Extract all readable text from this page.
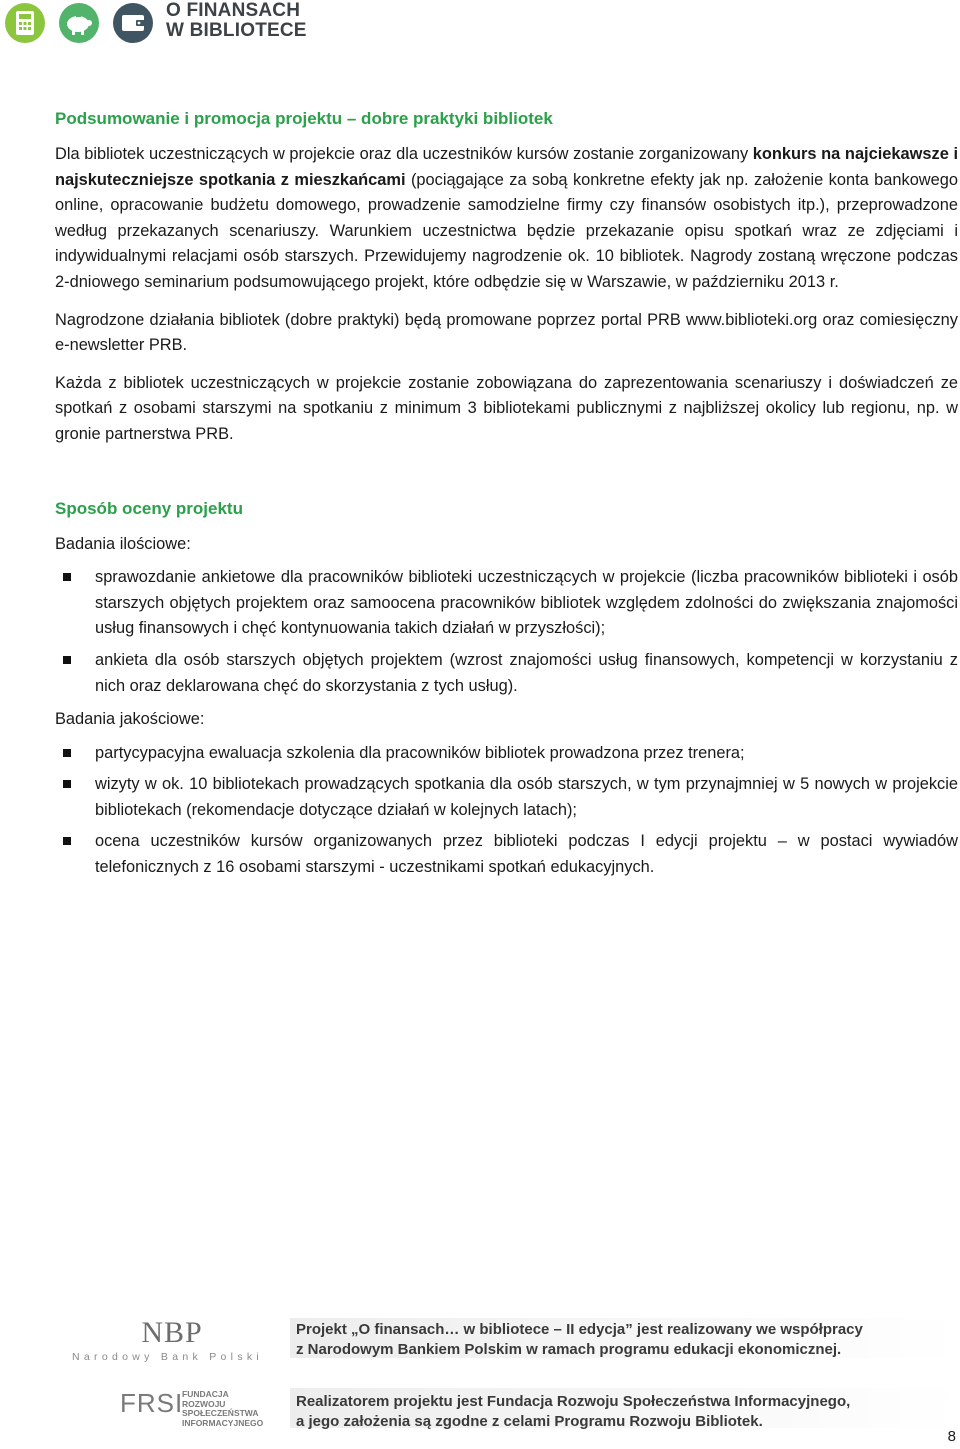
O FINANSACH
W BIBLIOTECE
Podsumowanie i promocja projektu – dobre praktyki bibliotek

Dla bibliotek uczestniczących w projekcie oraz dla uczestników kursów zostanie zorganizowany konkurs na najciekawsze i najskuteczniejsze spotkania z mieszkańcami (pociągające za sobą konkretne efekty jak np. założenie konta bankowego online, opracowanie budżetu domowego, prowadzenie samodzielne firmy czy finansów osobistych itp.), przeprowadzone według przekazanych scenariuszy. Warunkiem uczestnictwa będzie przekazanie opisu spotkań wraz ze zdjęciami i indywidualnymi relacjami osób starszych. Przewidujemy nagrodzenie ok. 10 bibliotek. Nagrody zostaną wręczone podczas 2-dniowego seminarium podsumowującego projekt, które odbędzie się w Warszawie, w październiku 2013 r.

Nagrodzone działania bibliotek (dobre praktyki) będą promowane poprzez portal PRB www.biblioteki.org oraz comiesięczny e-newsletter PRB.

Każda z bibliotek uczestniczących w projekcie zostanie zobowiązana do zaprezentowania scenariuszy i doświadczeń ze spotkań z osobami starszymi na spotkaniu z minimum 3 bibliotekami publicznymi z najbliższej okolicy lub regionu, np. w gronie partnerstwa PRB.

Sposób oceny projektu
Badania ilościowe:
sprawozdanie ankietowe dla pracowników biblioteki uczestniczących w projekcie (liczba pracowników biblioteki i osób starszych objętych projektem oraz samoocena pracowników bibliotek względem zdolności do zwiększania znajomości usług finansowych i chęć kontynuowania takich działań w przyszłości);
ankieta dla osób starszych objętych projektem (wzrost znajomości usług finansowych, kompetencji w korzystaniu z nich oraz deklarowana chęć do skorzystania z tych usług).
Badania jakościowe:
partycypacyjna ewaluacja szkolenia dla pracowników bibliotek prowadzona przez trenera;
wizyty w ok. 10 bibliotekach prowadzących spotkania dla osób starszych, w tym przynajmniej w 5 nowych w projekcie bibliotekach (rekomendacje dotyczące działań w kolejnych latach);
ocena uczestników kursów organizowanych przez biblioteki podczas I edycji projektu – w postaci wywiadów telefonicznych z 16 osobami starszymi - uczestnikami spotkań edukacyjnych.
NBP
Narodowy Bank Polski
FRSI
FUNDACJA
ROZWOJU
SPOŁECZEŃSTWA
INFORMACYJNEGO
Projekt „O finansach… w bibliotece – II edycja” jest realizowany we współpracy
z Narodowym Bankiem Polskim w ramach programu edukacji ekonomicznej.
Realizatorem projektu jest Fundacja Rozwoju Społeczeństwa Informacyjnego,
a jego założenia są zgodne z celami Programu Rozwoju Bibliotek.
8
